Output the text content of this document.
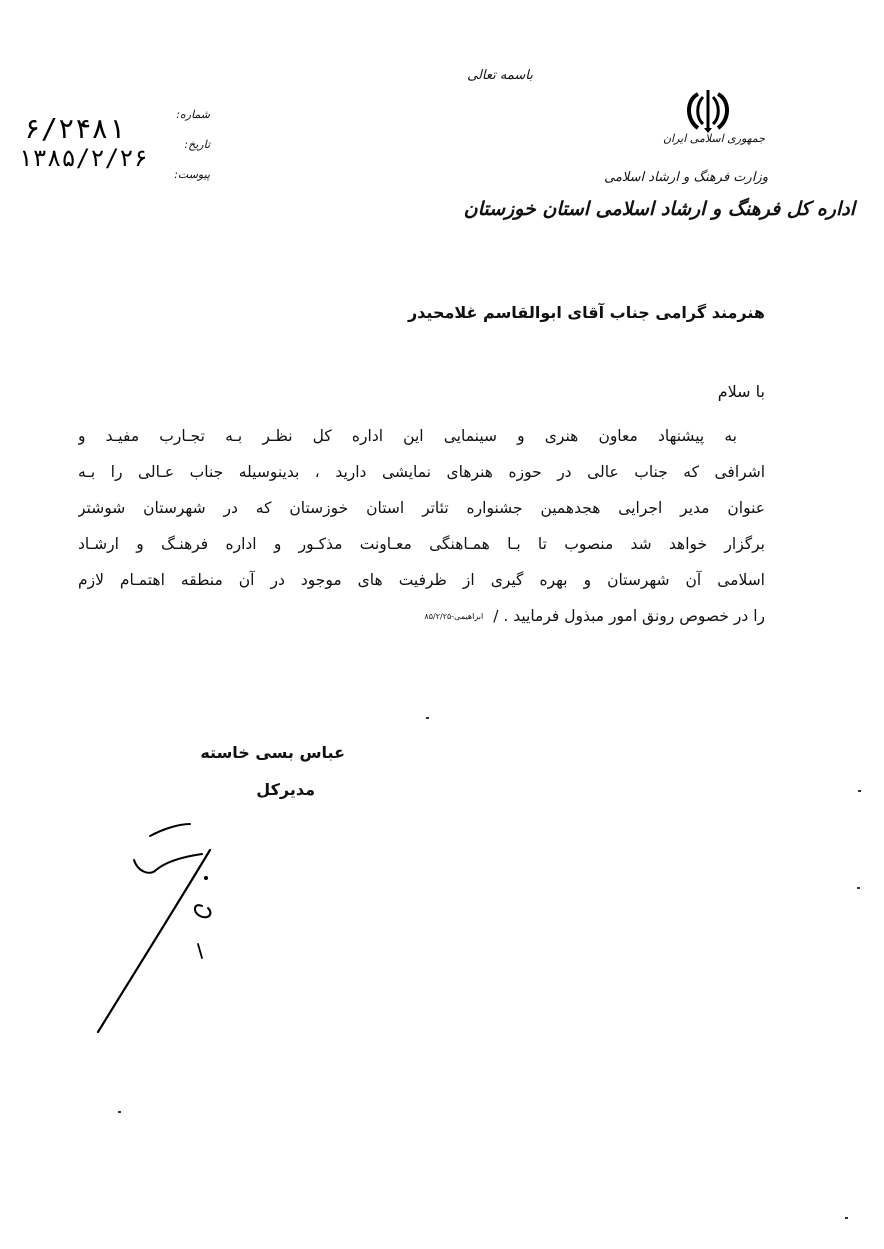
باسمه تعالی
جمهوری اسلامی ایران
وزارت فرهنگ و ارشاد اسلامی
اداره کل فرهنگ و ارشاد اسلامی استان خوزستان
۶/۲۴۸۱
۱۳۸۵/۲/۲۶
شماره:
تاریخ:
پیوست:
هنرمند گرامی جناب آقای ابوالقاسم غلامحیدر
با سلام
به پیشنهاد معاون هنری و سینمایی این اداره کل نظـر بـه تجـارب مفیـد و
اشرافی که جناب عالی در حوزه هنرهای نمایشی دارید ، بدینوسیله جناب عـالی را بـه
عنوان مدیر اجرایی هجدهمین جشنواره تئاتر استان خوزستان که در شهرستان شوشتر
برگزار خواهد شد منصوب تا بـا همـاهنگی معـاونت مذکـور و اداره فرهنـگ و ارشـاد
اسلامی آن شهرستان و بهره گیری از ظرفیت های موجود در آن منطقه اهتمـام لازم
را در خصوص رونق امور مبذول فرمایید . /ابراهیمی-۸۵/۲/۲۵
عباس بسی خاسته
مدیرکل
